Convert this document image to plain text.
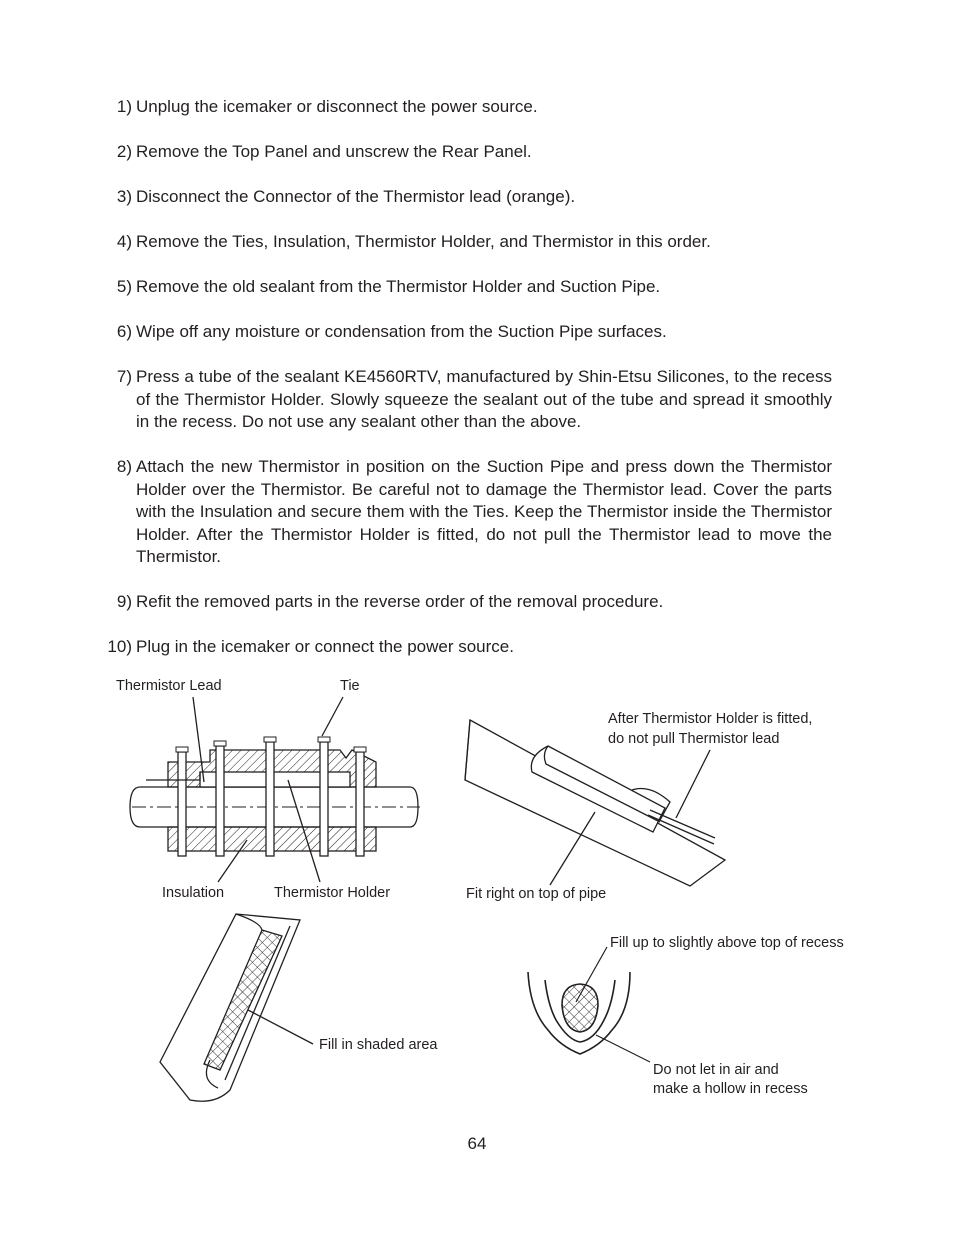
1) Unplug the icemaker or disconnect the power source.
2) Remove the Top Panel and unscrew the Rear Panel.
3) Disconnect the Connector of the Thermistor lead (orange).
4) Remove the Ties, Insulation, Thermistor Holder, and Thermistor in this order.
5) Remove the old sealant from the Thermistor Holder and Suction Pipe.
6) Wipe off any moisture or condensation from the Suction Pipe surfaces.
7) Press a tube of the sealant KE4560RTV, manufactured by Shin-Etsu Silicones, to the recess of the Thermistor Holder. Slowly squeeze the sealant out of the tube and spread it smoothly in the recess. Do not use any sealant other than the above.
8) Attach the new Thermistor in position on the Suction Pipe and press down the Thermistor Holder over the Thermistor. Be careful not to damage the Thermistor lead. Cover the parts with the Insulation and secure them with the Ties. Keep the Thermistor inside the Thermistor Holder. After the Thermistor Holder is fitted, do not pull the Thermistor lead to move the Thermistor.
9) Refit the removed parts in the reverse order of the removal procedure.
10) Plug in the icemaker or connect the power source.
Thermistor Lead	Tie
Insulation	Thermistor Holder
After Thermistor Holder is fitted,
do not pull Thermistor lead
Fit right on top of pipe
Fill in shaded area
Fill up to slightly above top of recess
Do not let in air and
make a hollow in recess
64
